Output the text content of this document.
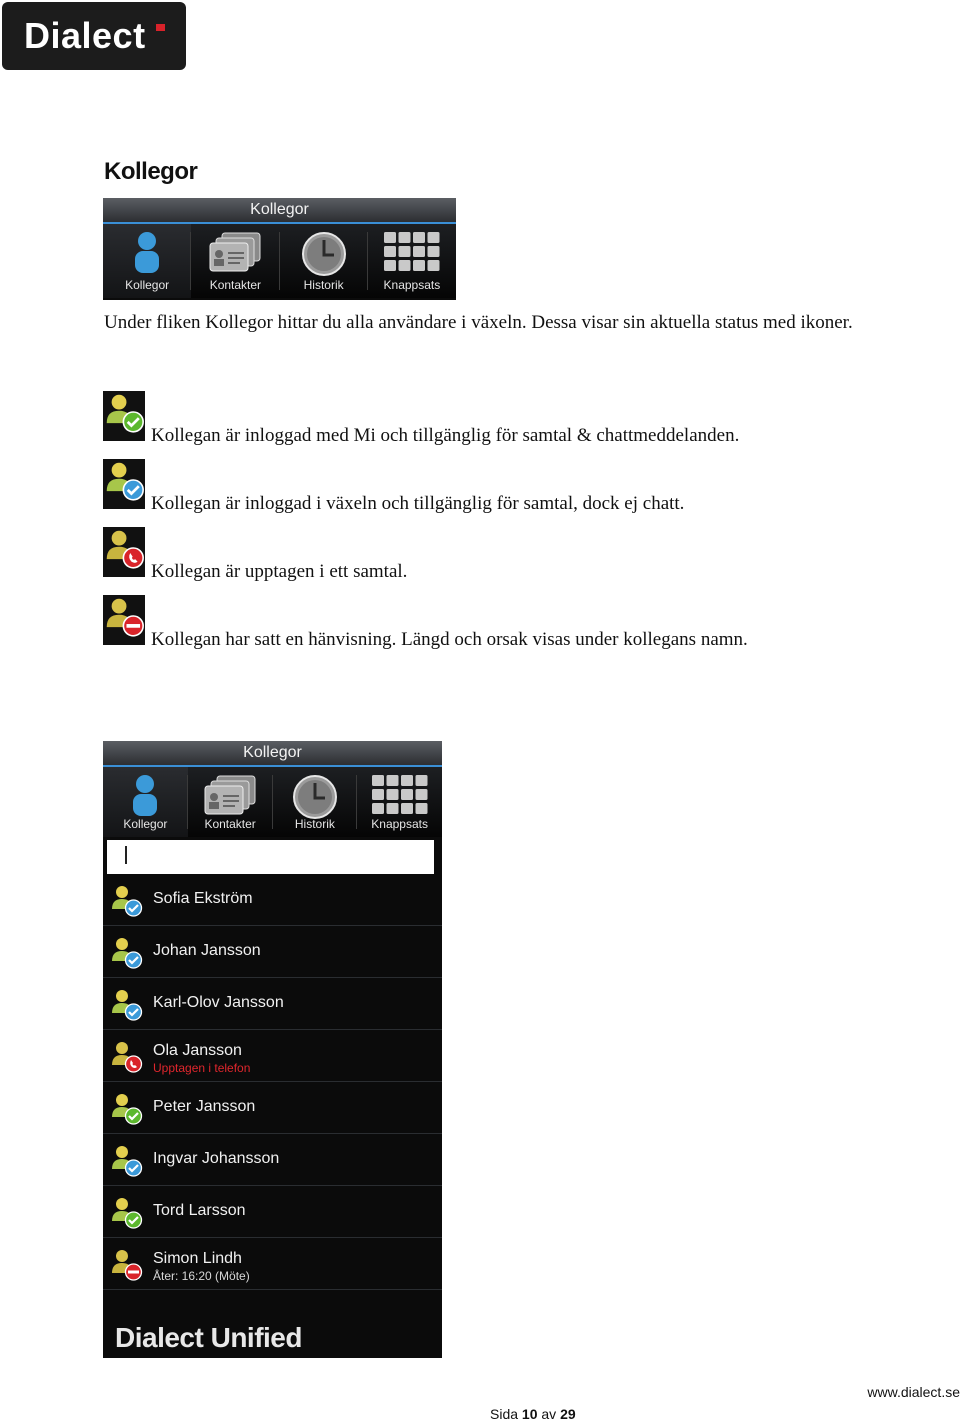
Dialect
Kollegor
Kollegor
Kollegor	Kontakter	Historik	Knappsats
Under fliken Kollegor hittar du alla användare i växeln. Dessa visar sin aktuella status med ikoner.
Kollegan är inloggad med Mi och tillgänglig för samtal & chattmeddelanden.
Kollegan är inloggad i växeln och tillgänglig för samtal, dock ej chatt.
Kollegan är upptagen i ett samtal.
Kollegan har satt en hänvisning. Längd och orsak visas under kollegans namn.
Kollegor
Kollegor	Kontakter	Historik	Knappsats
Sofia Ekström
Johan Jansson
Karl-Olov Jansson
Ola Jansson
Upptagen i telefon
Peter Jansson
Ingvar Johansson
Tord Larsson
Simon Lindh
Åter: 16:20 (Möte)
Dialect Unified
Sida 10 av 29
www.dialect.se
